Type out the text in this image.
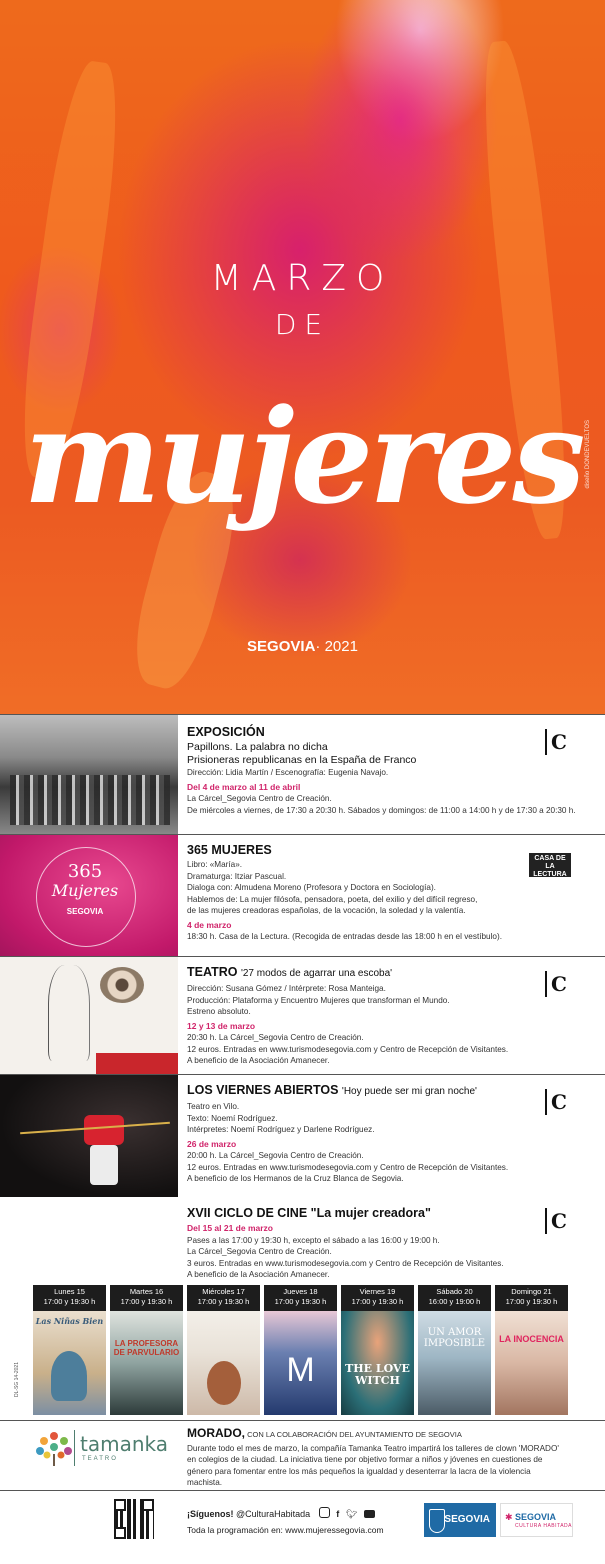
MARZO
DE
mujeres
SEGOVIA· 2021
diseño DÓNDEVUELTOS
EXPOSICIÓN
Papillons. La palabra no dicha
Prisioneras republicanas en la España de Franco
Dirección: Lidia Martín / Escenografía: Eugenia Navajo.
Del 4 de marzo al 11 de abril
La Cárcel_Segovia Centro de Creación.
De miércoles a viernes, de 17:30 a 20:30 h. Sábados y domingos: de 11:00 a 14:00 h y de 17:30 a 20:30 h.
C
365
Mujeres
SEGOVIA
365 MUJERES
Libro: «María».
Dramaturga: Itziar Pascual.
Dialoga con: Almudena Moreno (Profesora y Doctora en Sociología).
Hablemos de: La mujer filósofa, pensadora, poeta, del exilio y del difícil regreso,
de las mujeres creadoras españolas, de la vocación, la soledad y la valentía.
4 de marzo
18:30 h. Casa de la Lectura. (Recogida de entradas desde las 18:00 h en el vestíbulo).
CASA DE LA LECTURA
TEATRO '27 modos de agarrar una escoba'
Dirección: Susana Gómez / Intérprete: Rosa Manteiga.
Producción: Plataforma y Encuentro Mujeres que transforman el Mundo.
Estreno absoluto.
12 y 13 de marzo
20:30 h. La Cárcel_Segovia Centro de Creación.
12 euros. Entradas en www.turismodesegovia.com y Centro de Recepción de Visitantes.
A beneficio de la Asociación Amanecer.
C
LOS VIERNES ABIERTOS 'Hoy puede ser mi gran noche'
Teatro en Vilo.
Texto: Noemí Rodríguez.
Intérpretes: Noemí Rodríguez y Darlene Rodríguez.
26 de marzo
20:00 h. La Cárcel_Segovia Centro de Creación.
12 euros. Entradas en www.turismodesegovia.com y Centro de Recepción de Visitantes.
A beneficio de los Hermanos de la Cruz Blanca de Segovia.
C
XVII CICLO DE CINE "La mujer creadora"
Del 15 al 21 de marzo
Pases a las 17:00 y 19:30 h, excepto el sábado a las 16:00 y 19:00 h.
La Cárcel_Segovia Centro de Creación.
3 euros. Entradas en www.turismodesegovia.com y Centro de Recepción de Visitantes.
A beneficio de la Asociación Amanecer.
C
DL-SG 14-2021
Lunes 15
17:00 y 19:30 h
Las Niñas Bien
Martes 16
17:00 y 19:30 h
LA PROFESORA DE PARVULARIO
Miércoles 17
17:00 y 19:30 h
Jueves 18
17:00 y 19:30 h
M
Viernes 19
17:00 y 19:30 h
THE LOVE WITCH
Sábado 20
16:00 y 19:00 h
UN AMOR IMPOSIBLE
Domingo 21
17:00 y 19:30 h
LA INOCENCIA
tamanka
TEATRO
MORADO, CON LA COLABORACIÓN DEL AYUNTAMIENTO DE SEGOVIA
Durante todo el mes de marzo, la compañía Tamanka Teatro impartirá los talleres de clown 'MORADO' en colegios de la ciudad. La iniciativa tiene por objetivo formar a niños y jóvenes en cuestiones de género para fomentar entre los más pequeños la igualdad y desenterrar la lacra de la violencia machista.
¡Síguenos! @CulturaHabitada	f 🐦︎
Toda la programación en: www.mujeressegovia.com
SEGOVIA	SEGOVIA
CULTURA HABITADA
✱
